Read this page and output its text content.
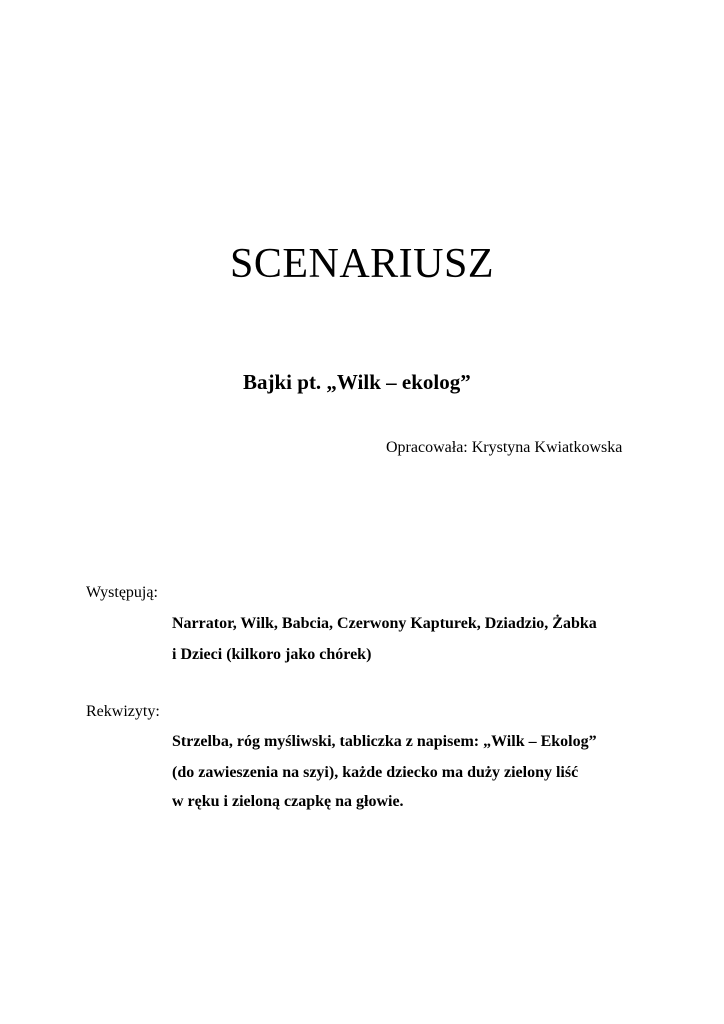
SCENARIUSZ
Bajki pt. „Wilk – ekolog”
Opracowała: Krystyna Kwiatkowska
Występują:
Narrator, Wilk, Babcia, Czerwony Kapturek, Dziadzio, Żabka
i Dzieci (kilkoro jako chórek)
Rekwizyty:
Strzelba, róg myśliwski, tabliczka z napisem: „Wilk – Ekolog”
(do zawieszenia na szyi), każde dziecko ma duży zielony liść
w ręku i zieloną czapkę na głowie.
